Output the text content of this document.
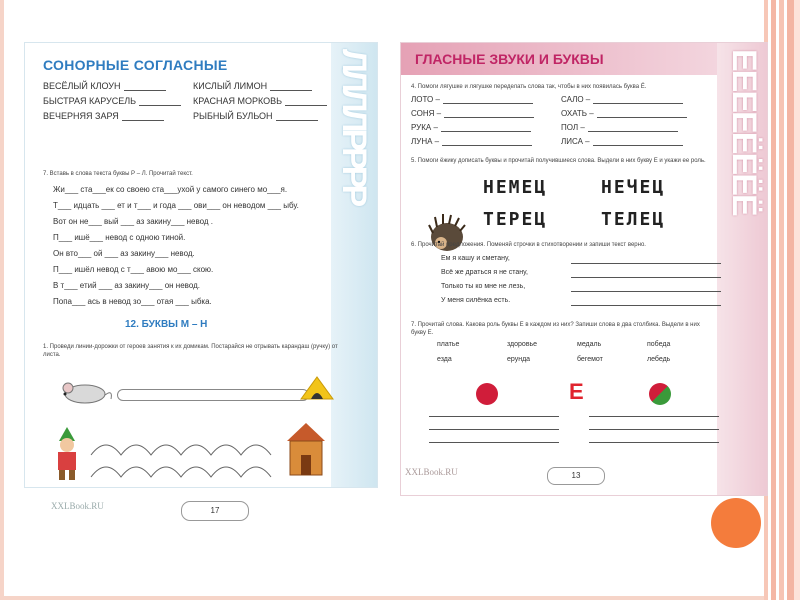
ЛЛЛЛРРРР
СОНОРНЫЕ СОГЛАСНЫЕ
ВЕСЁЛЫЙ КЛОУН	КИСЛЫЙ ЛИМОН
БЫСТРАЯ КАРУСЕЛЬ	КРАСНАЯ МОРКОВЬ
ВЕЧЕРНЯЯ ЗАРЯ	РЫБНЫЙ БУЛЬОН
7. Вставь в слова текста буквы Р – Л. Прочитай текст.
Жи___ ста___ек со своею ста___ухой у самого синего мо___я.
Т___ идцать ___ ет и т___ и года ___ ови___ он неводом ___ ыбу.
Вот он не___ вый ___ аз закину___ невод .
П___ ишё___ невод с одною тиной.
Он вто___ ой ___ аз закину___ невод.
П___ ишёл невод с т___ авою мо___ скою.
В т___ етий ___ аз закину___ он невод.
Попа___ ась в невод зо___ отая ___ ыбка.
12. БУКВЫ М – Н
1. Проведи линии-дорожки от героев занятия к их домикам. Постарайся не отрывать карандаш (ручку) от листа.
XXLBook.RU	17
ЕЕЕЕЁЁЁЁ
ГЛАСНЫЕ ЗВУКИ И БУКВЫ
4. Помоги лягушке и лягушке переделать слова так, чтобы в них появилась буква Ё.
ЛОТО –	САЛО –
СОНЯ –	ОХАТЬ –
РУКА –	ПОЛ –
ЛУНА –	ЛИСА –
5. Помоги ёжику дописать буквы и прочитай получившиеся слова. Выдели в них букву Е и укажи ее роль.
НЕМЕЦ	НЕЧЕЦ
ТЕРЕЦ	ТЕЛЕЦ
6. Прочитай предложения. Поменяй строчки в стихотворении и запиши текст верно.
Ем я кашу и сметану,
Всё же драться я не стану,
Только ты ко мне не лезь,
У меня силёнка есть.
7. Прочитай слова. Какова роль буквы Е в каждом из них? Запиши слова в два столбика. Выдели в них букву Е.
платье	здоровье	медаль	победа
езда	ерунда	бегемот	лебедь
Е
XXLBook.RU	13
